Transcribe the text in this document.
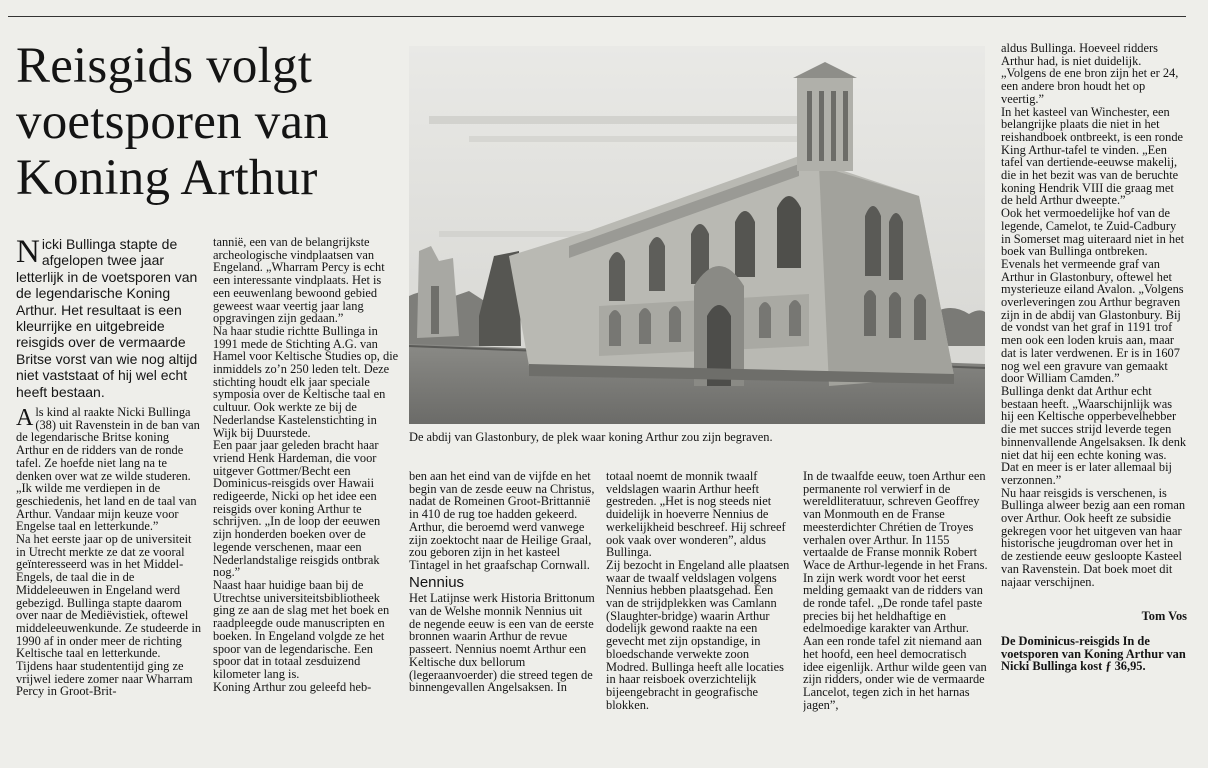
Reisgids volgt voetsporen van Koning Arthur

Nicki Bullinga stapte de afgelopen twee jaar letterlijk in de voetsporen van de legendarische Koning Arthur. Het resultaat is een kleurrijke en uitgebreide reisgids over de vermaarde Britse vorst van wie nog altijd niet vaststaat of hij wel echt heeft bestaan.

Als kind al raakte Nicki Bullinga (38) uit Ravenstein in de ban van de legendarische Britse koning Arthur en de ridders van de ronde tafel. Ze hoefde niet lang na te denken over wat ze wilde studeren. „Ik wilde me verdiepen in de geschiedenis, het land en de taal van Arthur. Vandaar mijn keuze voor Engelse taal en letterkunde.”

Na het eerste jaar op de universiteit in Utrecht merkte ze dat ze vooral geïnteresseerd was in het Middel-Engels, de taal die in de Middeleeuwen in Engeland werd gebezigd. Bullinga stapte daarom over naar de Mediëvistiek, oftewel middeleeuwenkunde. Ze studeerde in 1990 af in onder meer de richting Keltische taal en letterkunde.

Tijdens haar studententijd ging ze vrijwel iedere zomer naar Wharram Percy in Groot-Brit-

tannië, een van de belangrijkste archeologische vindplaatsen van Engeland. „Wharram Percy is echt een interessante vindplaats. Het is een eeuwenlang bewoond gebied geweest waar veertig jaar lang opgravingen zijn gedaan.”

Na haar studie richtte Bullinga in 1991 mede de Stichting A.G. van Hamel voor Keltische Studies op, die inmiddels zo’n 250 leden telt. Deze stichting houdt elk jaar speciale symposia over de Keltische taal en cultuur. Ook werkte ze bij de Nederlandse Kastelenstichting in Wijk bij Duurstede.

Een paar jaar geleden bracht haar vriend Henk Hardeman, die voor uitgever Gottmer/Becht een Dominicus-reisgids over Hawaii redigeerde, Nicki op het idee een reisgids over koning Arthur te schrijven. „In de loop der eeuwen zijn honderden boeken over de legende verschenen, maar een Nederlandstalige reisgids ontbrak nog.”

Naast haar huidige baan bij de Utrechtse universiteitsbibliotheek ging ze aan de slag met het boek en raadpleegde oude manuscripten en boeken. In Engeland volgde ze het spoor van de legendarische. Een spoor dat in totaal zesduizend kilometer lang is.

Koning Arthur zou geleefd heb-

De abdij van Glastonbury, de plek waar koning Arthur zou zijn begraven.

ben aan het eind van de vijfde en het begin van de zesde eeuw na Christus, nadat de Romeinen Groot-Brittannië in 410 de rug toe hadden gekeerd. Arthur, die beroemd werd vanwege zijn zoektocht naar de Heilige Graal, zou geboren zijn in het kasteel Tintagel in het graafschap Cornwall.

Nennius

Het Latijnse werk Historia Brittonum van de Welshe monnik Nennius uit de negende eeuw is een van de eerste bronnen waarin Arthur de revue passeert. Nennius noemt Arthur een Keltische dux bellorum (legeraanvoerder) die streed tegen de binnengevallen Angelsaksen. In

totaal noemt de monnik twaalf veldslagen waarin Arthur heeft gestreden. „Het is nog steeds niet duidelijk in hoeverre Nennius de werkelijkheid beschreef. Hij schreef ook vaak over wonderen”, aldus Bullinga.

Zij bezocht in Engeland alle plaatsen waar de twaalf veldslagen volgens Nennius hebben plaatsgehad. Een van de strijdplekken was Camlann (Slaughter-bridge) waarin Arthur dodelijk gewond raakte na een gevecht met zijn opstandige, in bloedschande verwekte zoon Modred. Bullinga heeft alle locaties in haar reisboek overzichtelijk bijeengebracht in geografische blokken.

In de twaalfde eeuw, toen Arthur een permanente rol verwierf in de wereldliteratuur, schreven Geoffrey van Monmouth en de Franse meesterdichter Chrétien de Troyes verhalen over Arthur. In 1155 vertaalde de Franse monnik Robert Wace de Arthur-legende in het Frans. In zijn werk wordt voor het eerst melding gemaakt van de ridders van de ronde tafel. „De ronde tafel paste precies bij het heldhaftige en edelmoedige karakter van Arthur. Aan een ronde tafel zit niemand aan het hoofd, een heel democratisch idee eigenlijk. Arthur wilde geen van zijn ridders, onder wie de vermaarde Lancelot, tegen zich in het harnas jagen”,

aldus Bullinga. Hoeveel ridders Arthur had, is niet duidelijk. „Volgens de ene bron zijn het er 24, een andere bron houdt het op veertig.”

In het kasteel van Winchester, een belangrijke plaats die niet in het reishandboek ontbreekt, is een ronde King Arthur-tafel te vinden. „Een tafel van dertiende-eeuwse makelij, die in het bezit was van de beruchte koning Hendrik VIII die graag met de held Arthur dweepte.”

Ook het vermoedelijke hof van de legende, Camelot, te Zuid-Cadbury in Somerset mag uiteraard niet in het boek van Bullinga ontbreken. Evenals het vermeende graf van Arthur in Glastonbury, oftewel het mysterieuze eiland Avalon. „Volgens overleveringen zou Arthur begraven zijn in de abdij van Glastonbury. Bij de vondst van het graf in 1191 trof men ook een loden kruis aan, maar dat is later verdwenen. Er is in 1607 nog wel een gravure van gemaakt door William Camden.”

Bullinga denkt dat Arthur echt bestaan heeft. „Waarschijnlijk was hij een Keltische opperbevelhebber die met succes strijd leverde tegen binnenvallende Angelsaksen. Ik denk niet dat hij een echte koning was. Dat en meer is er later allemaal bij verzonnen.”

Nu haar reisgids is verschenen, is Bullinga alweer bezig aan een roman over Arthur. Ook heeft ze subsidie gekregen voor het uitgeven van haar historische jeugdroman over het in de zestiende eeuw gesloopte Kasteel van Ravenstein. Dat boek moet dit najaar verschijnen.

Tom Vos

De Dominicus-reisgids In de voetsporen van Koning Arthur van Nicki Bullinga kost ƒ 36,95.
